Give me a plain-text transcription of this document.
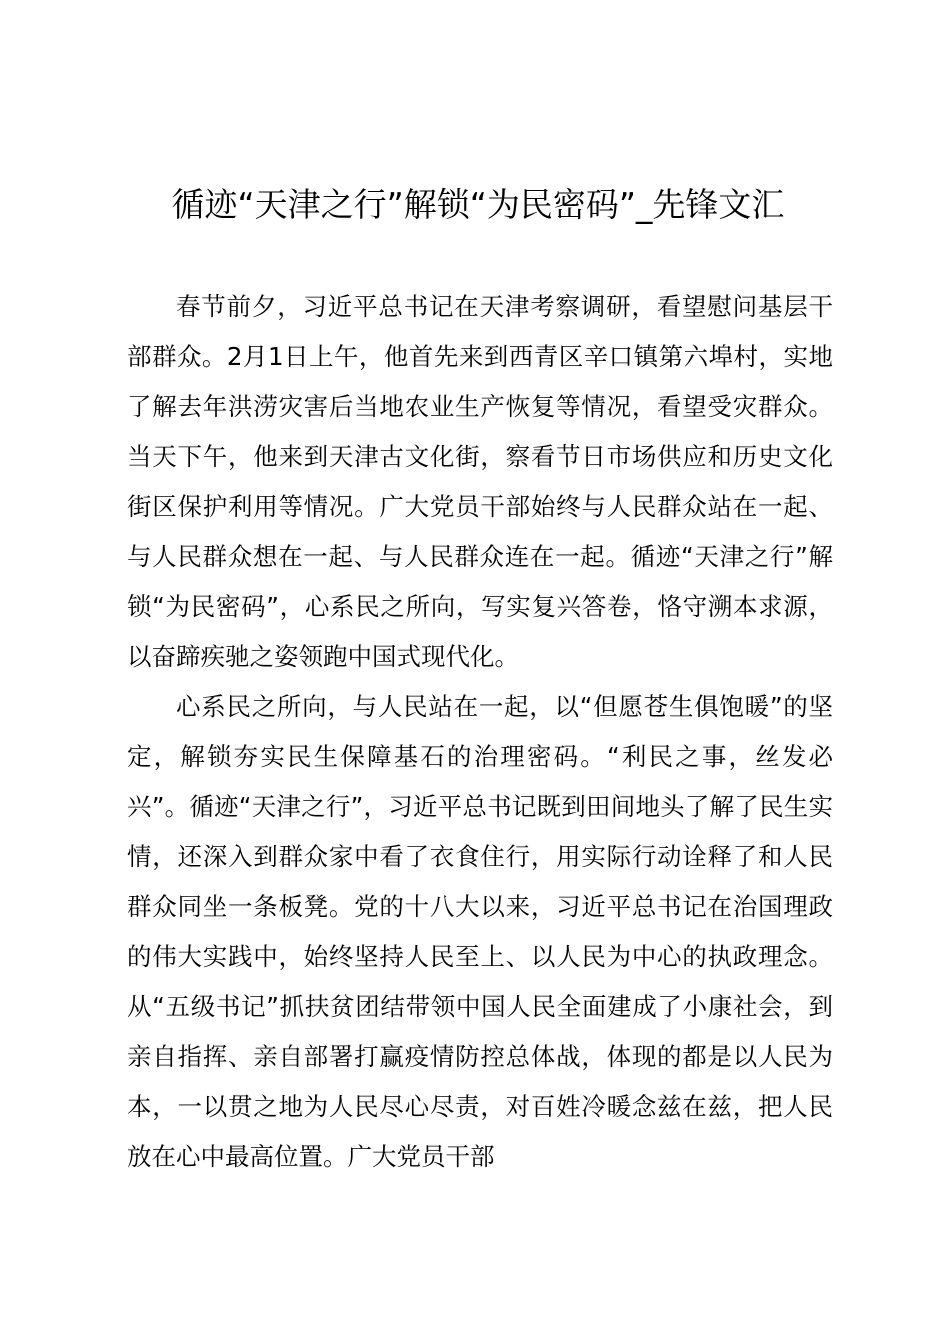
循迹“天津之行”解锁“为民密码”_先锋文汇

春节前夕，习近平总书记在天津考察调研，看望慰问基层干部群众。2月1日上午，他首先来到西青区辛口镇第六埠村，实地了解去年洪涝灾害后当地农业生产恢复等情况，看望受灾群众。当天下午，他来到天津古文化街，察看节日市场供应和历史文化街区保护利用等情况。广大党员干部始终与人民群众站在一起、与人民群众想在一起、与人民群众连在一起。循迹“天津之行”解锁“为民密码”，心系民之所向，写实复兴答卷，恪守溯本求源，以奋蹄疾驰之姿领跑中国式现代化。

心系民之所向，与人民站在一起，以“但愿苍生俱饱暖”的坚定，解锁夯实民生保障基石的治理密码。“利民之事，丝发必兴”。循迹“天津之行”，习近平总书记既到田间地头了解了民生实情，还深入到群众家中看了衣食住行，用实际行动诠释了和人民群众同坐一条板凳。党的十八大以来，习近平总书记在治国理政的伟大实践中，始终坚持人民至上、以人民为中心的执政理念。从“五级书记”抓扶贫团结带领中国人民全面建成了小康社会，到亲自指挥、亲自部署打赢疫情防控总体战，体现的都是以人民为本，一以贯之地为人民尽心尽责，对百姓冷暖念兹在兹，把人民放在心中最高位置。广大党员干部
